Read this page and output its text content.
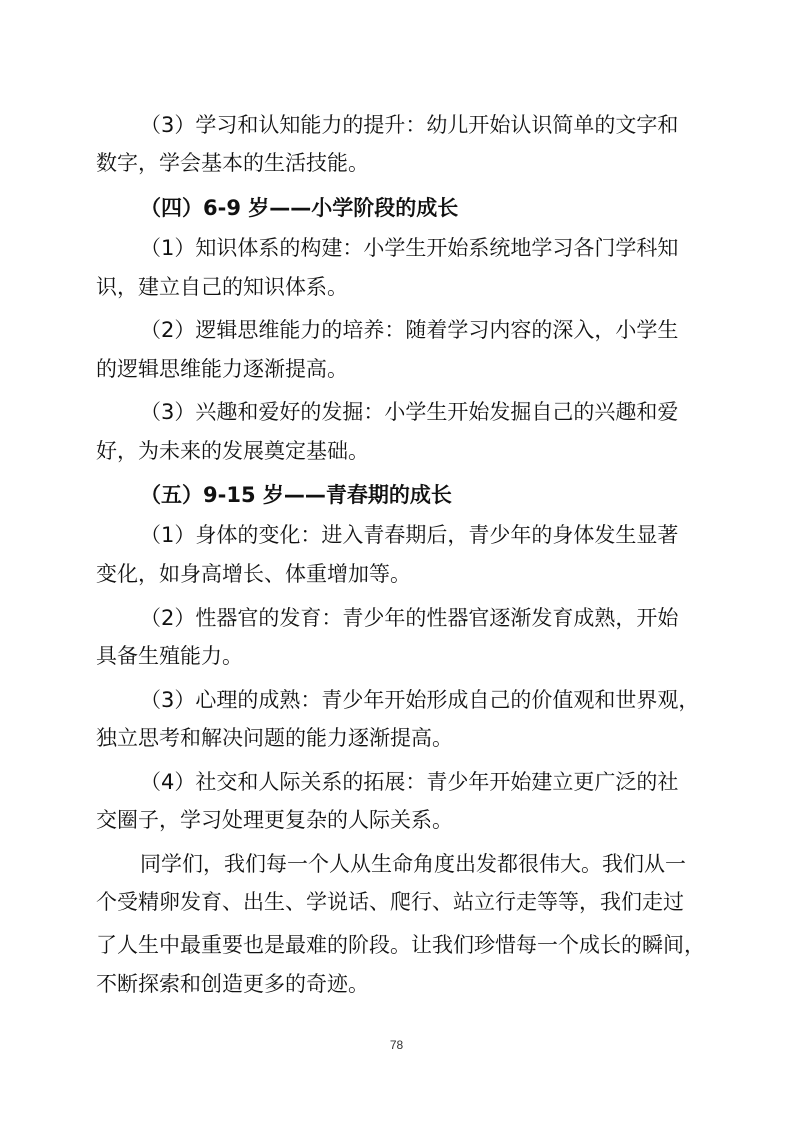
（3）学习和认知能力的提升：幼儿开始认识简单的文字和
数字，学会基本的生活技能。
（四）6-9 岁——小学阶段的成长
（1）知识体系的构建：小学生开始系统地学习各门学科知
识，建立自己的知识体系。
（2）逻辑思维能力的培养：随着学习内容的深入，小学生
的逻辑思维能力逐渐提高。
（3）兴趣和爱好的发掘：小学生开始发掘自己的兴趣和爱
好，为未来的发展奠定基础。
（五）9-15 岁——青春期的成长
（1）身体的变化：进入青春期后，青少年的身体发生显著
变化，如身高增长、体重增加等。
（2）性器官的发育：青少年的性器官逐渐发育成熟，开始
具备生殖能力。
（3）心理的成熟：青少年开始形成自己的价值观和世界观，
独立思考和解决问题的能力逐渐提高。
（4）社交和人际关系的拓展：青少年开始建立更广泛的社
交圈子，学习处理更复杂的人际关系。
同学们，我们每一个人从生命角度出发都很伟大。我们从一
个受精卵发育、出生、学说话、爬行、站立行走等等，我们走过
了人生中最重要也是最难的阶段。让我们珍惜每一个成长的瞬间，
不断探索和创造更多的奇迹。
78
